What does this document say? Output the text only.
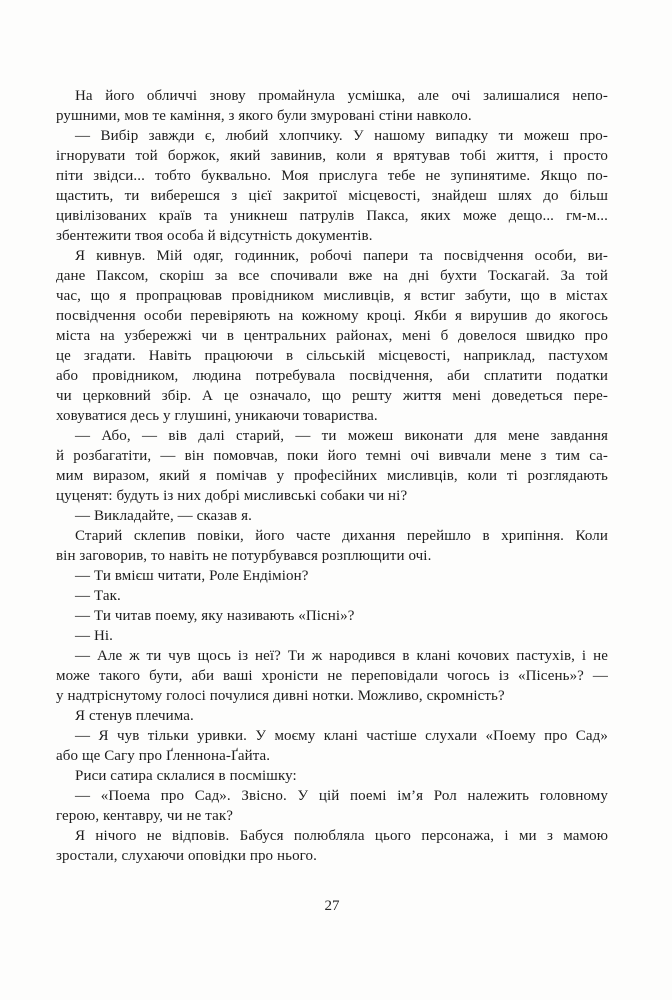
На його обличчі знову промайнула усмішка, але очі залишалися непо-
рушними, мов те каміння, з якого були змуровані стіни навколо.
— Вибір завжди є, любий хлопчику. У нашому випадку ти можеш про-
ігнорувати той боржок, який завинив, коли я врятував тобі життя, і просто
піти звідси... тобто буквально. Моя прислуга тебе не зупинятиме. Якщо по-
щастить, ти виберешся з цієї закритої місцевості, знайдеш шлях до більш
цивілізованих країв та уникнеш патрулів Пакса, яких може дещо... гм-м...
збентежити твоя особа й відсутність документів.
Я кивнув. Мій одяг, годинник, робочі папери та посвідчення особи, ви-
дане Паксом, скоріш за все спочивали вже на дні бухти Тоскагай. За той
час, що я пропрацював провідником мисливців, я встиг забути, що в містах
посвідчення особи перевіряють на кожному кроці. Якби я вирушив до якогось
міста на узбережжі чи в центральних районах, мені б довелося швидко про
це згадати. Навіть працюючи в сільській місцевості, наприклад, пастухом
або провідником, людина потребувала посвідчення, аби сплатити податки
чи церковний збір. А це означало, що решту життя мені доведеться пере-
ховуватися десь у глушині, уникаючи товариства.
— Або, — вів далі старий, — ти можеш виконати для мене завдання
й розбагатіти, — він помовчав, поки його темні очі вивчали мене з тим са-
мим виразом, який я помічав у професійних мисливців, коли ті розглядають
цуценят: будуть із них добрі мисливські собаки чи ні?
— Викладайте, — сказав я.
Старий склепив повіки, його часте дихання перейшло в хрипіння. Коли
він заговорив, то навіть не потурбувався розплющити очі.
— Ти вмієш читати, Роле Ендіміон?
— Так.
— Ти читав поему, яку називають «Пісні»?
— Ні.
— Але ж ти чув щось із неї? Ти ж народився в клані кочових пастухів, і не
може такого бути, аби ваші хроністи не переповідали чогось із «Пісень»? —
у надтріснутому голосі почулися дивні нотки. Можливо, скромність?
Я стенув плечима.
— Я чув тільки уривки. У моєму клані частіше слухали «Поему про Сад»
або ще Сагу про Ґленнона-Ґайта.
Риси сатира склалися в посмішку:
— «Поема про Сад». Звісно. У цій поемі ім’я Рол належить головному
герою, кентавру, чи не так?
Я нічого не відповів. Бабуся полюбляла цього персонажа, і ми з мамою
зростали, слухаючи оповідки про нього.
27
